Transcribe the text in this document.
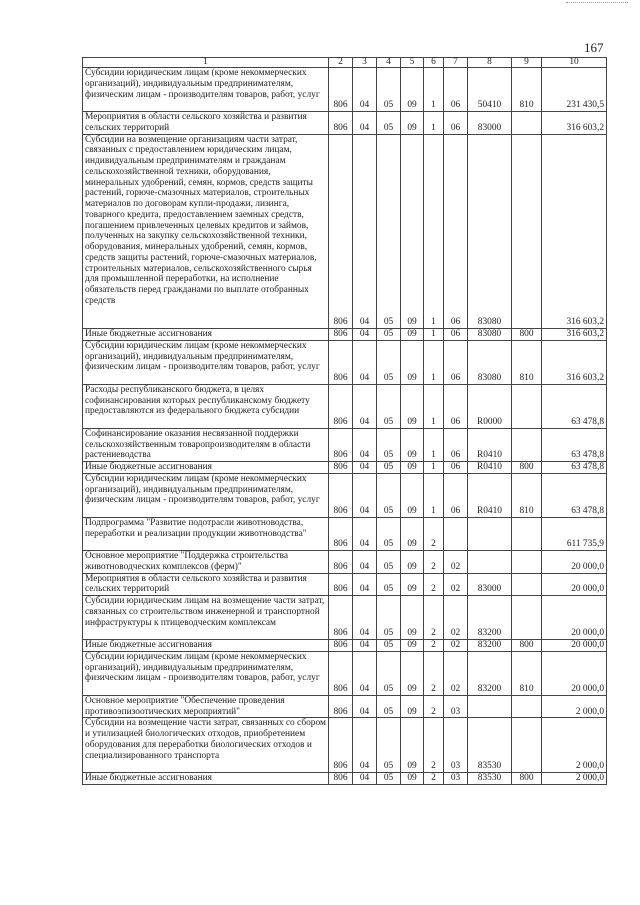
167
1	2	3	4	5	6	7	8	9	10
Субсидии юридическим лицам (кроме некоммерческих организаций), индивидуальным предпринимателям, физическим лицам - производителям товаров, работ, услуг	806	04	05	09	1	06	50410	810	231 430,5
Мероприятия в области сельского хозяйства и развития сельских территорий	806	04	05	09	1	06	83000		316 603,2
Субсидии на возмещение организациям части затрат, связанных с предоставлением юридическим лицам, индивидуальным предпринимателям и гражданам сельскохозяйственной техники, оборудования, минеральных удобрений, семян, кормов, средств защиты растений, горюче-смазочных материалов, строительных материалов по договорам купли-продажи, лизинга, товарного кредита, предоставлением заемных средств, погашением привлеченных целевых кредитов и займов, полученных на закупку сельскохозяйственной техники, оборудования, минеральных удобрений, семян, кормов, средств защиты растений, горюче-смазочных материалов, строительных материалов, сельскохозяйственного сырья для промышленной переработки, на исполнение обязательств перед гражданами по выплате отобранных средств	806	04	05	09	1	06	83080		316 603,2
Иные бюджетные ассигнования	806	04	05	09	1	06	83080	800	316 603,2
Субсидии юридическим лицам (кроме некоммерческих организаций), индивидуальным предпринимателям, физическим лицам - производителям товаров, работ, услуг	806	04	05	09	1	06	83080	810	316 603,2
Расходы республиканского бюджета, в целях софинансирования которых республиканскому бюджету предоставляются из федерального бюджета субсидии	806	04	05	09	1	06	R0000		63 478,8
Софинансирование оказания несвязанной поддержки сельскохозяйственным товаропроизводителям в области растениеводства	806	04	05	09	1	06	R0410		63 478,8
Иные бюджетные ассигнования	806	04	05	09	1	06	R0410	800	63 478,8
Субсидии юридическим лицам (кроме некоммерческих организаций), индивидуальным предпринимателям, физическим лицам - производителям товаров, работ, услуг	806	04	05	09	1	06	R0410	810	63 478,8
Подпрограмма "Развитие подотрасли животноводства, переработки и реализации продукции животноводства"	806	04	05	09	2				611 735,9
Основное мероприятие "Поддержка строительства животноводческих комплексов (ферм)"	806	04	05	09	2	02			20 000,0
Мероприятия в области сельского хозяйства и развития сельских территорий	806	04	05	09	2	02	83000		20 000,0
Субсидии юридическим лицам на возмещение части затрат, связанных со строительством инженерной и транспортной инфраструктуры к птицеводческим комплексам	806	04	05	09	2	02	83200		20 000,0
Иные бюджетные ассигнования	806	04	05	09	2	02	83200	800	20 000,0
Субсидии юридическим лицам (кроме некоммерческих организаций), индивидуальным предпринимателям, физическим лицам - производителям товаров, работ, услуг	806	04	05	09	2	02	83200	810	20 000,0
Основное мероприятие "Обеспечение проведения противоэпизоотических мероприятий"	806	04	05	09	2	03			2 000,0
Субсидии на возмещение части затрат, связанных со сбором и утилизацией биологических отходов, приобретением оборудования для переработки биологических отходов и специализированного транспорта	806	04	05	09	2	03	83530		2 000,0
Иные бюджетные ассигнования	806	04	05	09	2	03	83530	800	2 000,0
